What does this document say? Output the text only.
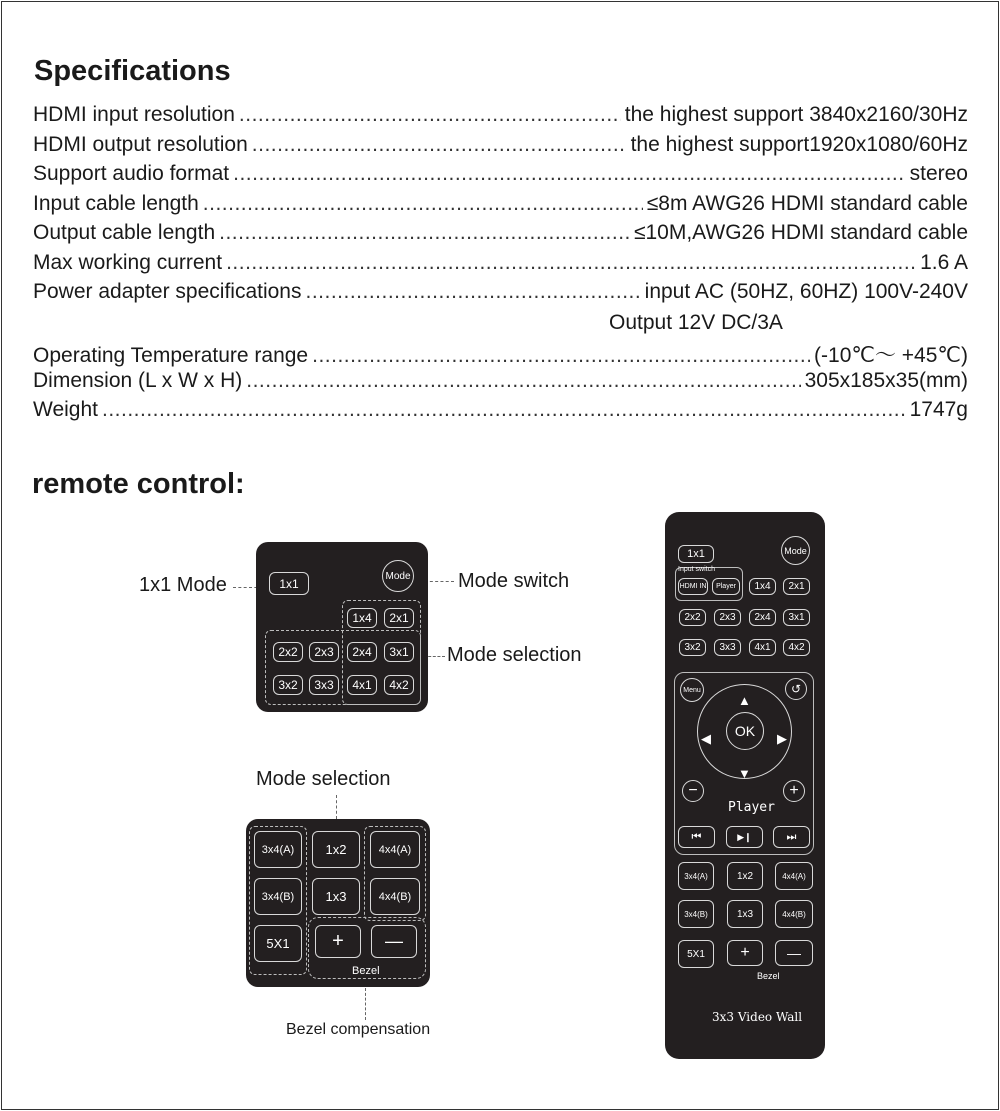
Specifications
HDMI input resolution .....	the highest support 3840x2160/30Hz
HDMI output resolution .....	the highest support1920x1080/60Hz
Support audio format .....	stereo
Input cable length .....	≤8m AWG26 HDMI standard cable
Output cable length .....	≤10M,AWG26 HDMI standard cable
Max working current .....	1.6 A
Power adapter specifications .....	input AC (50HZ, 60HZ) 100V-240V
Output 12V DC/3A
Operating Temperature range .....	(-10℃～ +45℃)
Dimension (L x W x H) .....	305x185x35(mm)
Weight .....	1747g
remote control:
1x1 Mode	Mode switch
Mode selection
1x1
Mode
1x4	2x1
2x2	2x3	2x4	3x1
3x2	3x3	4x1	4x2
Mode selection
3x4(A)	1x2	4x4(A)
3x4(B)	1x3	4x4(B)
5X1	+	—
Bezel
Bezel compensation
1x1	Mode
Input switch
HDMI IN	Player	1x4	2x1
2x2	2x3	2x4	3x1
3x2	3x3	4x1	4x2
Menu	↺
▲
▼
◀	▶
OK
−	+
Player
⏮	▶❙	⏭
3x4(A)	1x2	4x4(A)
3x4(B)	1x3	4x4(B)
5X1	+	—
Bezel
3x3 Video Wall
